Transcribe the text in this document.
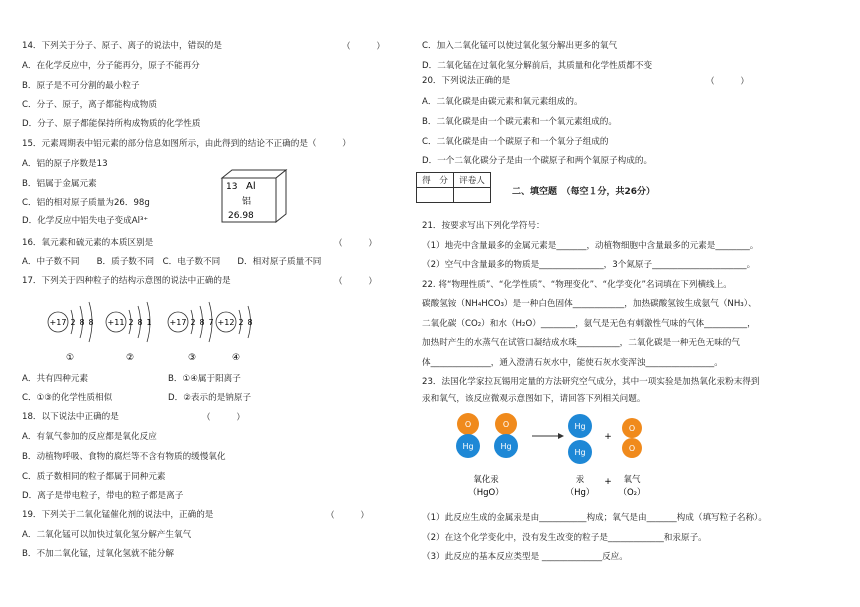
14．下列关于分子、原子、离子的说法中，错误的是	（　　　）
A．在化学反应中，分子能再分，原子不能再分
B．原子是不可分割的最小粒子
C．分子、原子，离子都能构成物质
D．分子、原子都能保持所构成物质的化学性质
15．元素周期表中铝元素的部分信息如图所示，由此得到的结论不正确的是（　　　）
A．铝的原子序数是13
B．铝属于金属元素
C．铝的相对原子质量为26．98g
D．化学反应中铝失电子变成Al³⁺
13 Al
铝
26.98
16．氧元素和硫元素的本质区别是	（　　　）
A．中子数不同　　B．质子数不同　C．电子数不同　　D．相对原子质量不同
17．下列关于四种粒子的结构示意图的说法中正确的是	（　　　）
+17 2 8 8
①
+11 2 8 1
②
+17 2 8 7
③
+12 2 8
④
A．共有四种元素	B．①④属于阳离子
C．①③的化学性质相似	D．②表示的是钠原子
18．以下说法中正确的是	（　　　）
A．有氧气参加的反应都是氧化反应
B．动植物呼吸、食物的腐烂等不含有物质的缓慢氧化
C．质子数相同的粒子都属于同种元素
D．离子是带电粒子，带电的粒子都是离子
19．下列关于二氧化锰催化剂的说法中，正确的是	（　　　）
A．二氧化锰可以加快过氧化氢分解产生氧气
B．不加二氧化锰，过氧化氢就不能分解
C．加入二氧化锰可以使过氧化氢分解出更多的氧气
D．二氧化锰在过氧化氢分解前后，其质量和化学性质都不变
20．下列说法正确的是	（　　　）
A．二氧化碳是由碳元素和氧元素组成的。
B．二氧化碳是由一个碳元素和一个氧元素组成的。
C．二氧化碳是由一个碳原子和一个氧分子组成的
D．一个二氧化碳分子是由一个碳原子和两个氧原子构成的。
得　分	评卷人

二、填空题　（每空１分，共26分）
21．按要求写出下列化学符号：
（1）地壳中含量最多的金属元素是_______，动植物细胞中含量最多的元素是________。
（2）空气中含量最多的物质是_______________，3个氮原子______________________。
22. 将“物理性质”、“化学性质”、“物理变化”、“化学变化”名词填在下列横线上。
碳酸氢铵（NH₄HCO₃）是一种白色固体____________，加热碳酸氢铵生成氨气（NH₃）、
二氧化碳（CO₂）和水（H₂O）________，氨气是无色有刺激性气味的气体__________，
加热时产生的水蒸气在试管口凝结成水珠__________，二氧化碳是一种无色无味的气
体______________，通入澄清石灰水中，能使石灰水变浑浊________________。
23．法国化学家拉瓦锡用定量的方法研究空气成分，其中一项实验是加热氧化汞粉末得到
汞和氧气，该反应微观示意图如下，请回答下列相关问题。
O
Hg
O
Hg
Hg
Hg
+
O
O
氧化汞
（HgO）
汞
（Hg）
+ 氧气
（O₂）
（1）此反应生成的金属汞是由___________构成；氧气是由_______构成（填写粒子名称）。
（2）在这个化学变化中，没有发生改变的粒子是_____________和汞原子。
（3）此反应的基本反应类型是 ______________反应。
